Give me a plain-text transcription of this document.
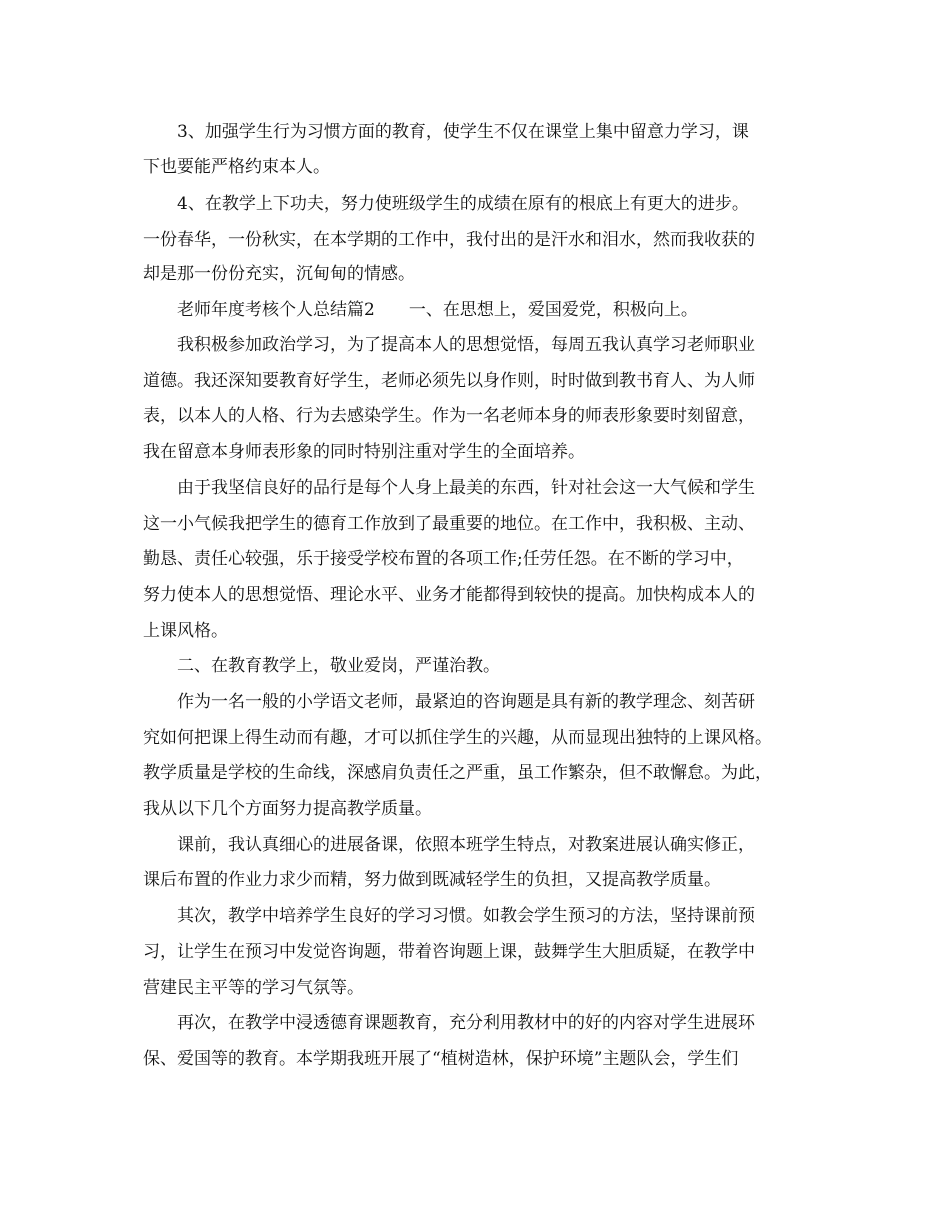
3、加强学生行为习惯方面的教育，使学生不仅在课堂上集中留意力学习，课

下也要能严格约束本人。

4、在教学上下功夫，努力使班级学生的成绩在原有的根底上有更大的进步。

一份春华，一份秋实，在本学期的工作中，我付出的是汗水和泪水，然而我收获的

却是那一份份充实，沉甸甸的情感。

老师年度考核个人总结篇2　　一、在思想上，爱国爱党，积极向上。

我积极参加政治学习，为了提高本人的思想觉悟，每周五我认真学习老师职业

道德。我还深知要教育好学生，老师必须先以身作则，时时做到教书育人、为人师

表，以本人的人格、行为去感染学生。作为一名老师本身的师表形象要时刻留意，

我在留意本身师表形象的同时特别注重对学生的全面培养。

由于我坚信良好的品行是每个人身上最美的东西，针对社会这一大气候和学生

这一小气候我把学生的德育工作放到了最重要的地位。在工作中，我积极、主动、

勤恳、责任心较强，乐于接受学校布置的各项工作;任劳任怨。在不断的学习中，

努力使本人的思想觉悟、理论水平、业务才能都得到较快的提高。加快构成本人的

上课风格。

二、在教育教学上，敬业爱岗，严谨治教。

作为一名一般的小学语文老师，最紧迫的咨询题是具有新的教学理念、刻苦研

究如何把课上得生动而有趣，才可以抓住学生的兴趣，从而显现出独特的上课风格。

教学质量是学校的生命线，深感肩负责任之严重，虽工作繁杂，但不敢懈怠。为此，

我从以下几个方面努力提高教学质量。

课前，我认真细心的进展备课，依照本班学生特点，对教案进展认确实修正，

课后布置的作业力求少而精，努力做到既减轻学生的负担，又提高教学质量。

其次，教学中培养学生良好的学习习惯。如教会学生预习的方法，坚持课前预

习，让学生在预习中发觉咨询题，带着咨询题上课，鼓舞学生大胆质疑，在教学中

营建民主平等的学习气氛等。

再次，在教学中浸透德育课题教育，充分利用教材中的好的内容对学生进展环

保、爱国等的教育。本学期我班开展了“植树造林，保护环境”主题队会，学生们
